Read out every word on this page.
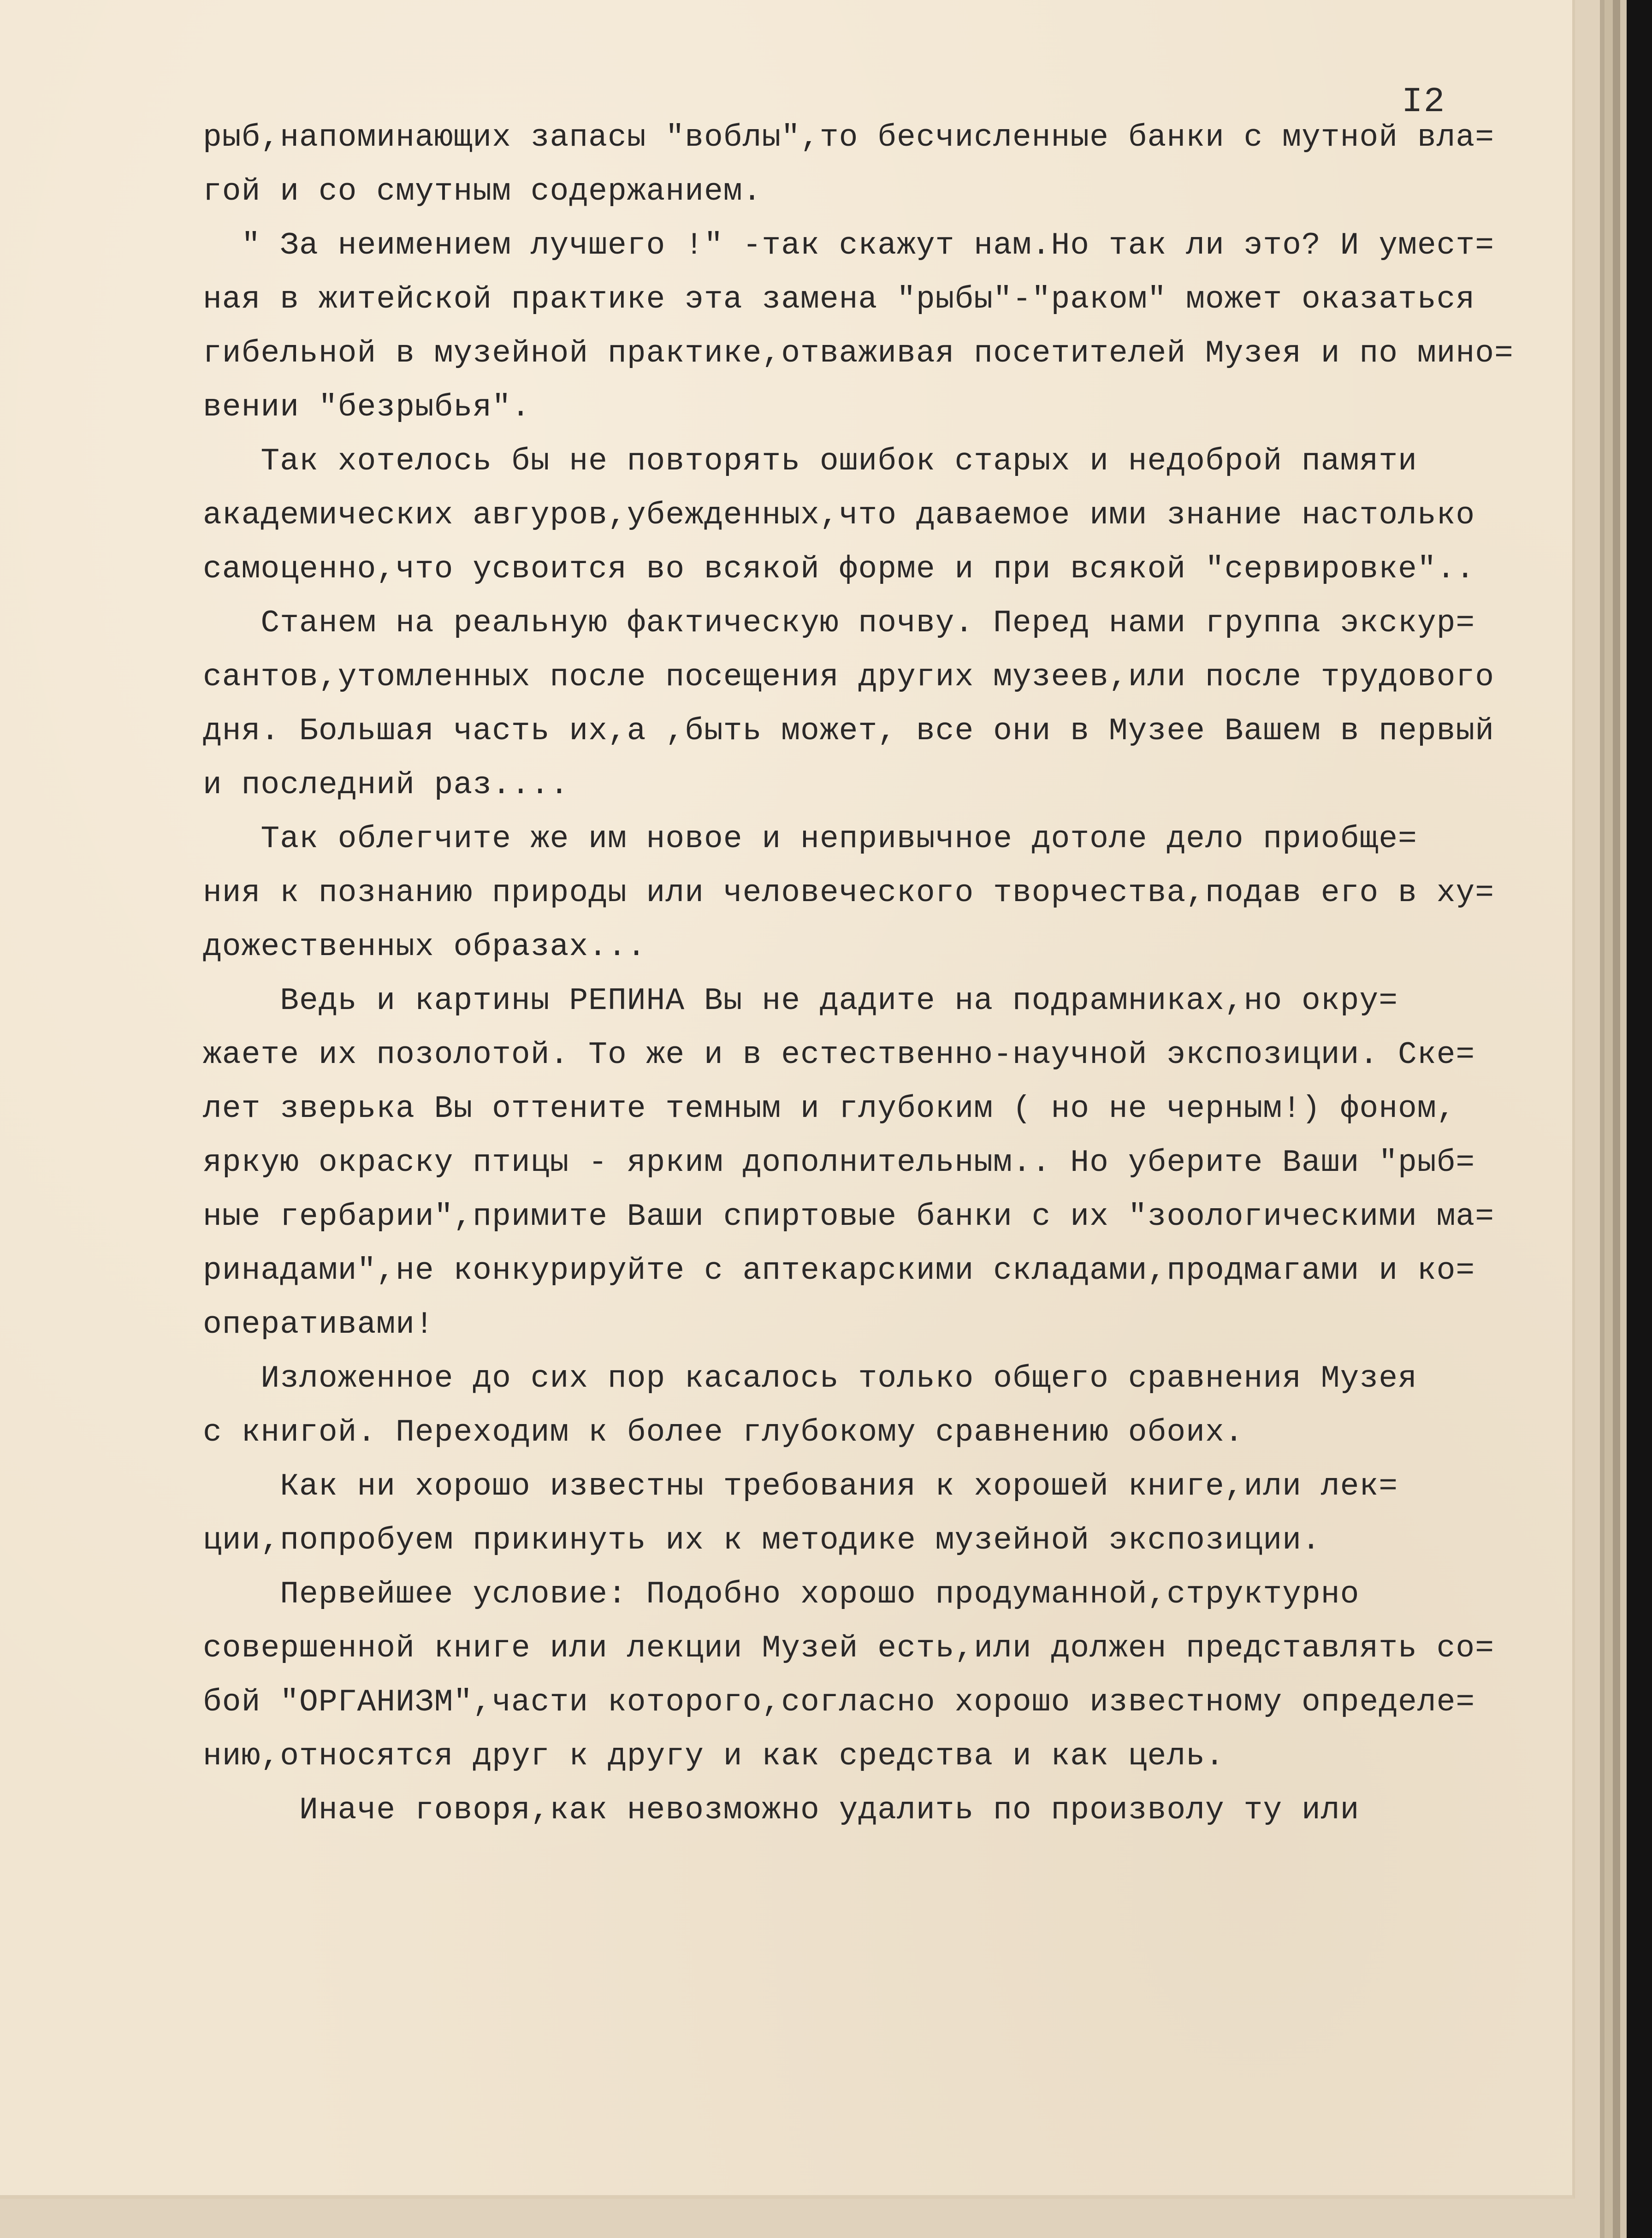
I2
рыб,напоминающих запасы "воблы",то бесчисленные банки с мутной вла=
гой и со смутным содержанием.
" За неимением лучшего !" -так скажут нам.Но так ли это? И умест=
ная в житейской практике эта замена "рыбы"-"раком" может оказаться
гибельной в музейной практике,отваживая посетителей Музея и по мино=
вении "безрыбья".
Так хотелось бы не повторять ошибок старых и недоброй памяти
академических авгуров,убежденных,что даваемое ими знание настолько
самоценно,что усвоится во всякой форме и при всякой "сервировке"..
Станем на реальную фактическую почву. Перед нами группа экскур=
сантов,утомленных после посещения других музеев,или после трудового
дня. Большая часть их,а ,быть может, все они в Музее Вашем в первый
и последний раз....
Так облегчите же им новое и непривычное дотоле дело приобще=
ния к познанию природы или человеческого творчества,подав его в ху=
дожественных образах...
Ведь и картины РЕПИНА Вы не дадите на подрамниках,но окру=
жаете их позолотой. То же и в естественно-научной экспозиции. Ске=
лет зверька Вы оттените темным и глубоким ( но не черным!) фоном,
яркую окраску птицы - ярким дополнительным.. Но уберите Ваши "рыб=
ные гербарии",примите Ваши спиртовые банки с их "зоологическими ма=
ринадами",не конкурируйте с аптекарскими складами,продмагами и ко=
оперативами!
Изложенное до сих пор касалось только общего сравнения Музея
с книгой. Переходим к более глубокому сравнению обоих.
Как ни хорошо известны требования к хорошей книге,или лек=
ции,попробуем прикинуть их к методике музейной экспозиции.
Первейшее условие: Подобно хорошо продуманной,структурно
совершенной книге или лекции Музей есть,или должен представлять со=
бой "ОРГАНИЗМ",части которого,согласно хорошо известному определе=
нию,относятся друг к другу и как средства и как цель.
Иначе говоря,как невозможно удалить по произволу ту или
